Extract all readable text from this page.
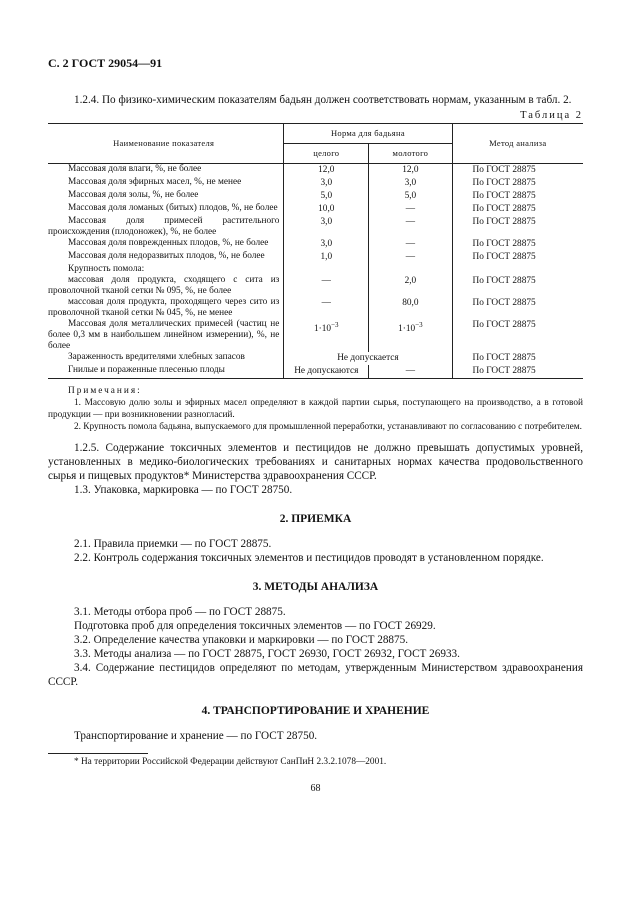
С. 2 ГОСТ 29054—91

1.2.4. По физико-химическим показателям бадьян должен соответствовать нормам, указанным в табл. 2.

Таблица 2
Наименование показателя	Норма для бадьяна		Метод анализа
	целого	молотого	

Массовая доля влаги, %, не более	12,0	12,0	По ГОСТ 28875

Массовая доля эфирных масел, %, не менее	3,0	3,0	По ГОСТ 28875

Массовая доля золы, %, не более	5,0	5,0	По ГОСТ 28875

Массовая доля ломаных (битых) плодов, %, не более	10,0	—	По ГОСТ 28875

Массовая доля примесей растительного происхождения (плодоножек), %, не более	3,0	—	По ГОСТ 28875

Массовая доля поврежденных плодов, %, не более	3,0	—	По ГОСТ 28875

Массовая доля недоразвитых плодов, %, не более	1,0	—	По ГОСТ 28875

Крупность помола:			

массовая доля продукта, сходящего с сита из проволочной тканой сетки № 095, %, не более	—	2,0	По ГОСТ 28875

массовая доля продукта, проходящего через сито из проволочной тканой сетки № 045, %, не менее	—	80,0	По ГОСТ 28875

Массовая доля металлических примесей (частиц не более 0,3 мм в наибольшем линейном измерении), %, не более	$1\cdot 10^{-3}$	$1\cdot 10^{-3}$	По ГОСТ 28875

Зараженность вредителями хлебных запасов	Не допускается		По ГОСТ 28875

Гнилые и пораженные плесенью плоды	Не допускаются	—	По ГОСТ 28875
Примечания:
1. Массовую долю золы и эфирных масел определяют в каждой партии сырья, поступающего на производство, а в готовой продукции — при возникновении разногласий.
2. Крупность помола бадьяна, выпускаемого для промышленной переработки, устанавливают по согласованию с потребителем.

1.2.5. Содержание токсичных элементов и пестицидов не должно превышать допустимых уровней, установленных в медико-биологических требованиях и санитарных нормах качества продовольственного сырья и пищевых продуктов* Министерства здравоохранения СССР.

1.3. Упаковка, маркировка — по ГОСТ 28750.

2. ПРИЕМКА

2.1. Правила приемки — по ГОСТ 28875.

2.2. Контроль содержания токсичных элементов и пестицидов проводят в установленном порядке.

3. МЕТОДЫ АНАЛИЗА

3.1. Методы отбора проб — по ГОСТ 28875.

Подготовка проб для определения токсичных элементов — по ГОСТ 26929.

3.2. Определение качества упаковки и маркировки — по ГОСТ 28875.

3.3. Методы анализа — по ГОСТ 28875, ГОСТ 26930, ГОСТ 26932, ГОСТ 26933.

3.4. Содержание пестицидов определяют по методам, утвержденным Министерством здравоохранения СССР.

4. ТРАНСПОРТИРОВАНИЕ И ХРАНЕНИЕ

Транспортирование и хранение — по ГОСТ 28750.

* На территории Российской Федерации действуют СанПиН 2.3.2.1078—2001.
68
